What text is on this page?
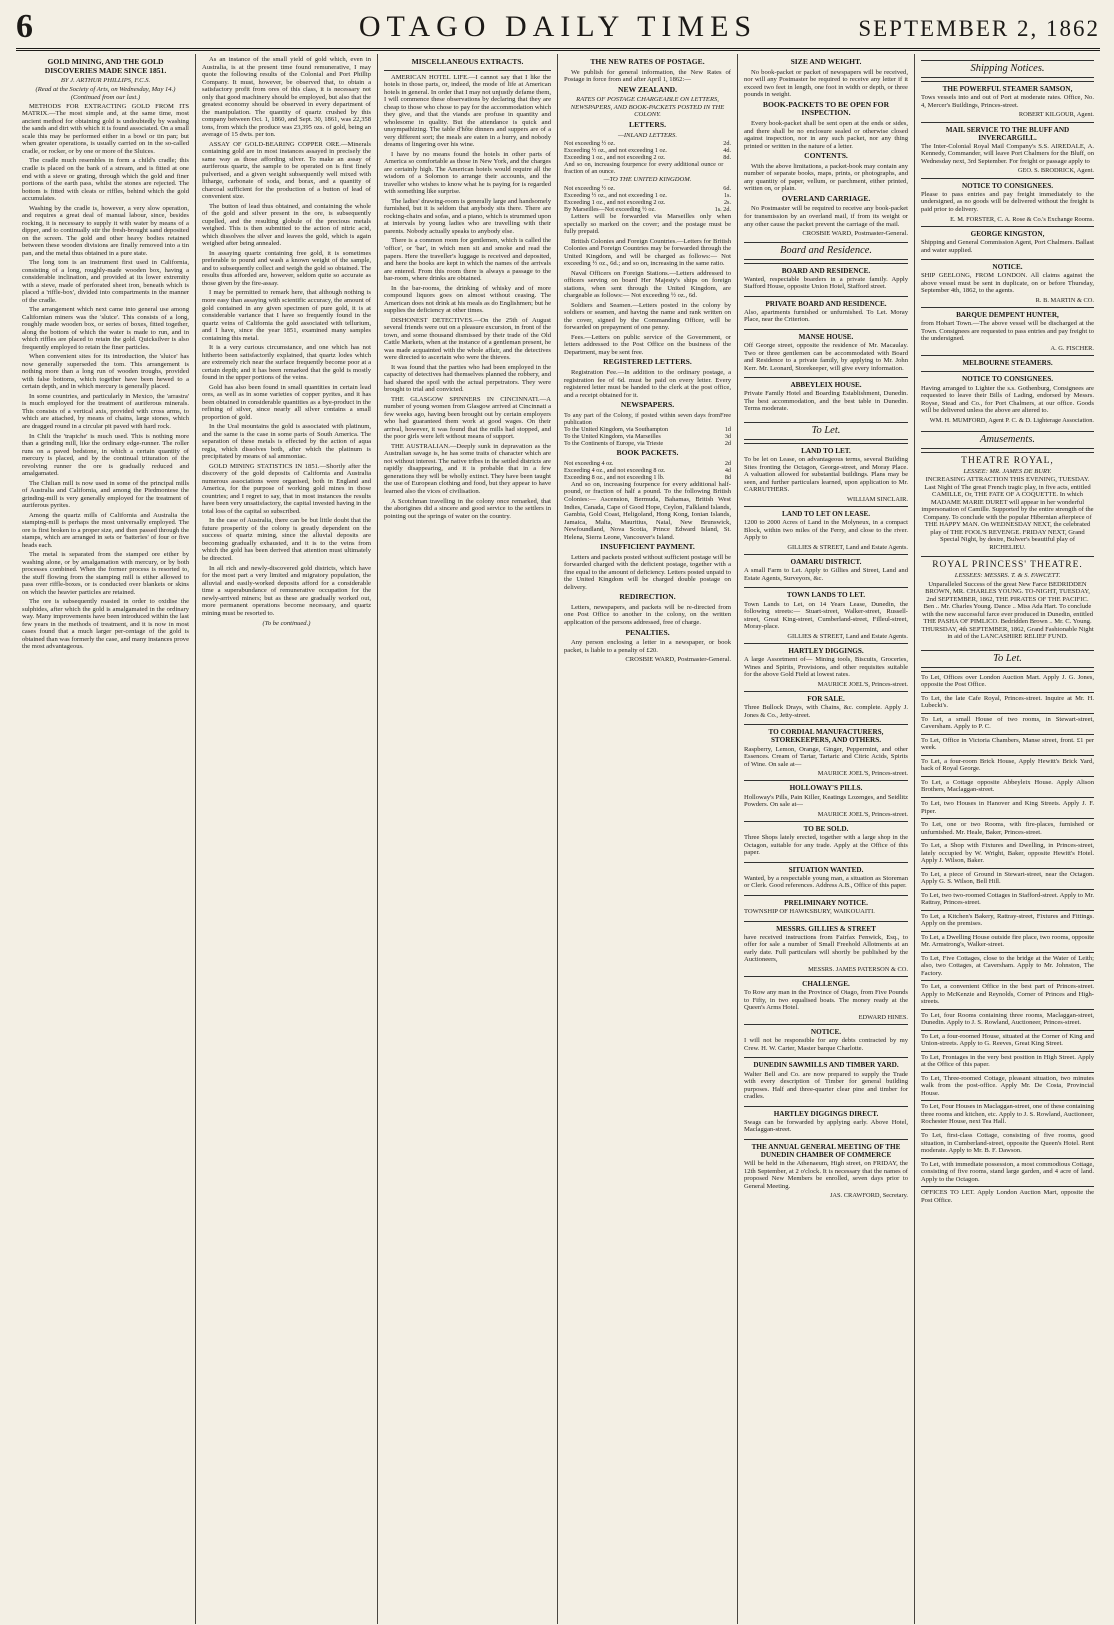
6	OTAGO DAILY TIMES	SEPTEMBER 2, 1862
GOLD MINING, AND THE GOLD DISCOVERIES MADE SINCE 1851.
BY J. ARTHUR PHILLIPS, F.C.S.
(Read at the Society of Arts, on Wednesday, May 14.)
(Continued from our last.)

METHODS FOR EXTRACTING GOLD FROM ITS MATRIX.—The most simple and, at the same time, most ancient method for obtaining gold is undoubtedly by washing the sands and dirt with which it is found associated. On a small scale this may be performed either in a bowl or tin pan; but when greater operations, is usually carried on in the so-called cradle, or rocker, or by one or more of the Sluices.

The cradle much resembles in form a child's cradle; this cradle is placed on the bank of a stream, and is fitted at one end with a sieve or grating, through which the gold and finer portions of the earth pass, whilst the stones are rejected. The bottom is fitted with cleats or riffles, behind which the gold accumulates.

Washing by the cradle is, however, a very slow operation, and requires a great deal of manual labour, since, besides rocking, it is necessary to supply it with water by means of a dipper, and to continually stir the fresh-brought sand deposited on the screen. The gold and other heavy bodies retained between these wooden divisions are finally removed into a tin pan, and the metal thus obtained in a pure state.

The long tom is an instrument first used in California, consisting of a long, roughly-made wooden box, having a considerable inclination, and provided at its lower extremity with a sieve, made of perforated sheet iron, beneath which is placed a 'riffle-box', divided into compartments in the manner of the cradle.

The arrangement which next came into general use among Californian miners was the 'sluice'. This consists of a long, roughly made wooden box, or series of boxes, fitted together, along the bottom of which the water is made to run, and in which riffles are placed to retain the gold. Quicksilver is also frequently employed to retain the finer particles.

When convenient sites for its introduction, the 'sluice' has now generally superseded the tom. This arrangement is nothing more than a long run of wooden troughs, provided with false bottoms, which together have been hewed to a certain depth, and in which mercury is generally placed.

In some countries, and particularly in Mexico, the 'arrastra' is much employed for the treatment of auriferous minerals. This consists of a vertical axis, provided with cross arms, to which are attached, by means of chains, large stones, which are dragged round in a circular pit paved with hard rock.

In Chili the 'trapiche' is much used. This is nothing more than a grinding mill, like the ordinary edge-runner. The roller runs on a paved bedstone, in which a certain quantity of mercury is placed, and by the continual trituration of the revolving runner the ore is gradually reduced and amalgamated.

The Chilian mill is now used in some of the principal mills of Australia and California, and among the Piedmontese the grinding-mill is very generally employed for the treatment of auriferous pyrites.

Among the quartz mills of California and Australia the stamping-mill is perhaps the most universally employed. The ore is first broken to a proper size, and then passed through the stamps, which are arranged in sets or 'batteries' of four or five heads each.

The metal is separated from the stamped ore either by washing alone, or by amalgamation with mercury, or by both processes combined. When the former process is resorted to, the stuff flowing from the stamping mill is either allowed to pass over riffle-boxes, or is conducted over blankets or skins on which the heavier particles are retained.

The ore is subsequently roasted in order to oxidise the sulphides, after which the gold is amalgamated in the ordinary way. Many improvements have been introduced within the last few years in the methods of treatment, and it is now in most cases found that a much larger per-centage of the gold is obtained than was formerly the case, and many instances prove the most advantageous.

As an instance of the small yield of gold which, even in Australia, is at the present time found remunerative, I may quote the following results of the Colonial and Port Phillip Company. It must, however, be observed that, to obtain a satisfactory profit from ores of this class, it is necessary not only that good machinery should be employed, but also that the greatest economy should be observed in every department of the manipulation. The quantity of quartz crushed by this company between Oct. 1, 1860, and Sept. 30, 1861, was 22,358 tons, from which the produce was 23,395 ozs. of gold, being an average of 15 dwts. per ton.

ASSAY OF GOLD-BEARING COPPER ORE.—Minerals containing gold are in most instances assayed in precisely the same way as those affording silver. To make an assay of auriferous quartz, the sample to be operated on is first finely pulverised, and a given weight subsequently well mixed with litharge, carbonate of soda, and borax, and a quantity of charcoal sufficient for the production of a button of lead of convenient size.

The button of lead thus obtained, and containing the whole of the gold and silver present in the ore, is subsequently cupelled, and the resulting globule of the precious metals weighed. This is then submitted to the action of nitric acid, which dissolves the silver and leaves the gold, which is again weighed after being annealed.

In assaying quartz containing free gold, it is sometimes preferable to pound and wash a known weight of the sample, and to subsequently collect and weigh the gold so obtained. The results thus afforded are, however, seldom quite so accurate as those given by the fire-assay.

I may be permitted to remark here, that although nothing is more easy than assaying with scientific accuracy, the amount of gold contained in any given specimen of pure gold, it is at considerable variance that I have so frequently found in the quartz veins of California the gold associated with tellurium, and I have, since the year 1851, examined many samples containing this metal.

It is a very curious circumstance, and one which has not hitherto been satisfactorily explained, that quartz lodes which are extremely rich near the surface frequently become poor at a certain depth; and it has been remarked that the gold is mostly found in the upper portions of the veins.

Gold has also been found in small quantities in certain lead ores, as well as in some varieties of copper pyrites, and it has been obtained in considerable quantities as a bye-product in the refining of silver, since nearly all silver contains a small proportion of gold.

In the Ural mountains the gold is associated with platinum, and the same is the case in some parts of South America. The separation of these metals is effected by the action of aqua regia, which dissolves both, after which the platinum is precipitated by means of sal ammoniac.

GOLD MINING STATISTICS IN 1851.—Shortly after the discovery of the gold deposits of California and Australia numerous associations were organised, both in England and America, for the purpose of working gold mines in those countries; and I regret to say, that in most instances the results have been very unsatisfactory, the capital invested having in the total loss of the capital so subscribed.

In the case of Australia, there can be but little doubt that the future prosperity of the colony is greatly dependent on the success of quartz mining, since the alluvial deposits are becoming gradually exhausted, and it is to the veins from which the gold has been derived that attention must ultimately be directed.

In all rich and newly-discovered gold districts, which have for the most part a very limited and migratory population, the alluvial and easily-worked deposits afford for a considerable time a superabundance of remunerative occupation for the newly-arrived miners; but as these are gradually worked out, more permanent operations become necessary, and quartz mining must be resorted to.

(To be continued.)
MISCELLANEOUS EXTRACTS.

AMERICAN HOTEL LIFE.—I cannot say that I like the hotels in those parts, or, indeed, the mode of life at American hotels in general. In order that I may not unjustly defame them, I will commence these observations by declaring that they are cheap to those who chose to pay for the accommodation which they give, and that the viands are profuse in quantity and wholesome in quality. But the attendance is quick and unsympathizing. The table d'hôte dinners and suppers are of a very different sort; the meals are eaten in a hurry, and nobody dreams of lingering over his wine.

I have by no means found the hotels in other parts of America so comfortable as those in New York, and the charges are certainly high. The American hotels would require all the wisdom of a Solomon to arrange their accounts, and the traveller who wishes to know what he is paying for is regarded with something like surprise.

The ladies' drawing-room is generally large and handsomely furnished, but it is seldom that anybody sits there. There are rocking-chairs and sofas, and a piano, which is strummed upon at intervals by young ladies who are travelling with their parents. Nobody actually speaks to anybody else.

There is a common room for gentlemen, which is called the 'office', or 'bar', in which men sit and smoke and read the papers. Here the traveller's luggage is received and deposited, and here the books are kept in which the names of the arrivals are entered. From this room there is always a passage to the bar-room, where drinks are obtained.

In the bar-rooms, the drinking of whisky and of more compound liquors goes on almost without ceasing. The American does not drink at his meals as do Englishmen; but he supplies the deficiency at other times.

DISHONEST DETECTIVES.—On the 25th of August several friends were out on a pleasure excursion, in front of the town, and some thousand dismissed by their trade of the Old Cattle Markets, when at the instance of a gentleman present, he was made acquainted with the whole affair, and the detectives were directed to ascertain who were the thieves.

It was found that the parties who had been employed in the capacity of detectives had themselves planned the robbery, and had shared the spoil with the actual perpetrators. They were brought to trial and convicted.

THE GLASGOW SPINNERS IN CINCINNATI.—A number of young women from Glasgow arrived at Cincinnati a few weeks ago, having been brought out by certain employers who had guaranteed them work at good wages. On their arrival, however, it was found that the mills had stopped, and the poor girls were left without means of support.

THE AUSTRALIAN.—Deeply sunk in depravation as the Australian savage is, he has some traits of character which are not without interest. The native tribes in the settled districts are rapidly disappearing, and it is probable that in a few generations they will be wholly extinct. They have been taught the use of European clothing and food, but they appear to have learned also the vices of civilisation.

A Scotchman travelling in the colony once remarked, that the aborigines did a sincere and good service to the settlers in pointing out the springs of water on the country.

THE NEW RATES OF POSTAGE.

We publish for general information, the New Rates of Postage in force from and after April 1, 1862:—

NEW ZEALAND.
RATES OF POSTAGE CHARGEABLE ON LETTERS, NEWSPAPERS, AND BOOK-PACKETS POSTED IN THE COLONY.
LETTERS.
—INLAND LETTERS.
Not exceeding ½ oz.	2d.
Exceeding ½ oz., and not exceeding 1 oz.	4d.
Exceeding 1 oz., and not exceeding 2 oz.	8d.
And so on, increasing fourpence for every additional ounce or fraction of an ounce.	
—TO THE UNITED KINGDOM.
Not exceeding ½ oz.	6d.
Exceeding ½ oz., and not exceeding 1 oz.	1s.
Exceeding 1 oz., and not exceeding 2 oz.	2s.
By Marseilles—Not exceeding ½ oz.	1s. 2d.

Letters will be forwarded via Marseilles only when specially so marked on the cover; and the postage must be fully prepaid.

British Colonies and Foreign Countries.—Letters for British Colonies and Foreign Countries may be forwarded through the United Kingdom, and will be charged as follows:— Not exceeding ½ oz., 6d.; and so on, increasing in the same ratio.

Naval Officers on Foreign Stations.—Letters addressed to officers serving on board Her Majesty's ships on foreign stations, when sent through the United Kingdom, are chargeable as follows:— Not exceeding ½ oz., 6d.

Soldiers and Seamen.—Letters posted in the colony by soldiers or seamen, and having the name and rank written on the cover, signed by the Commanding Officer, will be forwarded on prepayment of one penny.

Fees.—Letters on public service of the Government, or letters addressed to the Post Office on the business of the Department, may be sent free.

REGISTERED LETTERS.

Registration Fee.—In addition to the ordinary postage, a registration fee of 6d. must be paid on every letter. Every registered letter must be handed to the clerk at the post office, and a receipt obtained for it.

NEWSPAPERS.
To any part of the Colony, if posted within seven days from publication	Free
To the United Kingdom, via Southampton	1d
To the United Kingdom, via Marseilles	3d
To the Continents of Europe, via Trieste	2d
BOOK PACKETS.
Not exceeding 4 oz.	2d
Exceeding 4 oz., and not exceeding 8 oz.	4d
Exceeding 8 oz., and not exceeding 1 lb.	8d

And so on, increasing fourpence for every additional half-pound, or fraction of half a pound. To the following British Colonies:— Ascension, Bermuda, Bahamas, British West Indies, Canada, Cape of Good Hope, Ceylon, Falkland Islands, Gambia, Gold Coast, Heligoland, Hong Kong, Ionian Islands, Jamaica, Malta, Mauritius, Natal, New Brunswick, Newfoundland, Nova Scotia, Prince Edward Island, St. Helena, Sierra Leone, Vancouver's Island.

INSUFFICIENT PAYMENT.

Letters and packets posted without sufficient postage will be forwarded charged with the deficient postage, together with a fine equal to the amount of deficiency. Letters posted unpaid to the United Kingdom will be charged double postage on delivery.

REDIRECTION.

Letters, newspapers, and packets will be re-directed from one Post Office to another in the colony, on the written application of the persons addressed, free of charge.

PENALTIES.

Any person enclosing a letter in a newspaper, or book packet, is liable to a penalty of £20.

CROSBIE WARD, Postmaster-General.
SIZE AND WEIGHT.

No book-packet or packet of newspapers will be received, nor will any Postmaster be required to receive any letter if it exceed two feet in length, one foot in width or depth, or three pounds in weight.

BOOK-PACKETS TO BE OPEN FOR INSPECTION.

Every book-packet shall be sent open at the ends or sides, and there shall be no enclosure sealed or otherwise closed against inspection, nor in any such packet, nor any thing printed or written in the nature of a letter.

CONTENTS.

With the above limitations, a packet-book may contain any number of separate books, maps, prints, or photographs, and any quantity of paper, vellum, or parchment, either printed, written on, or plain.

OVERLAND CARRIAGE.

No Postmaster will be required to receive any book-packet for transmission by an overland mail, if from its weight or any other cause the packet prevent the carriage of the mail.

CROSBIE WARD, Postmaster-General.
Board and Residence.
BOARD AND RESIDENCE.

Wanted, respectable boarders in a private family. Apply Stafford House, opposite Union Hotel, Stafford street.

PRIVATE BOARD AND RESIDENCE.

Also, apartments furnished or unfurnished. To Let. Moray Place, near the Criterion.

MANSE HOUSE.

Off George street, opposite the residence of Mr. Macaulay. Two or three gentlemen can be accommodated with Board and Residence to a private family, by applying to Mr. John Kerr. Mr. Leonard, Storekeeper, will give every information.

ABBEYLEIX HOUSE.

Private Family Hotel and Boarding Establishment, Dunedin. The best accommodation, and the best table in Dunedin. Terms moderate.

To Let.
LAND TO LET.

To be let on Lease, on advantageous terms, several Building Sites fronting the Octagon, George-street, and Moray Place. A valuation allowed for substantial buildings. Plans may be seen, and further particulars learned, upon application to Mr. CARRUTHERS.

WILLIAM SINCLAIR.
LAND TO LET ON LEASE.

1200 to 2000 Acres of Land in the Molyneux, in a compact Block, within two miles of the Ferry, and close to the river. Apply to

GILLIES & STREET, Land and Estate Agents.
OAMARU DISTRICT.

A small Farm to Let. Apply to Gillies and Street, Land and Estate Agents, Surveyors, &c.

TOWN LANDS TO LET.

Town Lands to Let, on 14 Years Lease, Dunedin, the following streets:— Stuart-street, Walker-street, Russell-street, Great King-street, Cumberland-street, Filleul-street, Moray-place.

GILLIES & STREET, Land and Estate Agents.
HARTLEY DIGGINGS.

A large Assortment of— Mining tools, Biscuits, Groceries, Wines and Spirits, Provisions, and other requisites suitable for the above Gold Field at lowest rates.

MAURICE JOEL'S, Princes-street.
FOR SALE.

Three Bullock Drays, with Chains, &c. complete. Apply J. Jones & Co., Jetty-street.

TO CORDIAL MANUFACTURERS, STOREKEEPERS, AND OTHERS.

Raspberry, Lemon, Orange, Ginger, Peppermint, and other Essences. Cream of Tartar, Tartaric and Citric Acids, Spirits of Wine. On sale at—

MAURICE JOEL'S, Princes-street.
HOLLOWAY'S PILLS.

Holloway's Pills, Pain Killer, Keatings Lozenges, and Seidlitz Powders. On sale at—

MAURICE JOEL'S, Princes-street.
TO BE SOLD.

Three Shops lately erected, together with a large shop in the Octagon, suitable for any trade. Apply at the Office of this paper.

SITUATION WANTED.

Wanted, by a respectable young man, a situation as Storeman or Clerk. Good references. Address A.B., Office of this paper.

PRELIMINARY NOTICE.

TOWNSHIP OF HAWKSBURY, WAIKOUAITI.

MESSRS. GILLIES & STREET

have received instructions from Fairfax Fenwick, Esq., to offer for sale a number of Small Freehold Allotments at an early date. Full particulars will shortly be published by the Auctioneers,

MESSRS. JAMES PATERSON & CO.
CHALLENGE.

To Row any man in the Province of Otago, from Five Pounds to Fifty, in two equalised boats. The money ready at the Queen's Arms Hotel.

EDWARD HINES.
NOTICE.

I will not be responsible for any debts contracted by my Crew. H. W. Carter, Master barque Charlotte.

DUNEDIN SAWMILLS AND TIMBER YARD.

Walter Bell and Co. are now prepared to supply the Trade with every description of Timber for general building purposes. Half and three-quarter clear pine and timber for cradles.

HARTLEY DIGGINGS DIRECT.

Swags can be forwarded by applying early. Above Hotel, Maclaggan-street.

THE ANNUAL GENERAL MEETING OF THE DUNEDIN CHAMBER OF COMMERCE

Will be held in the Athenaeum, High street, on FRIDAY, the 12th September, at 2 o'clock. It is necessary that the names of proposed New Members be enrolled, seven days prior to General Meeting.

JAS. CRAWFORD, Secretary.
Shipping Notices.
THE POWERFUL STEAMER SAMSON,

Tows vessels into and out of Port at moderate rates. Office, No. 4, Mercer's Buildings, Princes-street.

ROBERT KILGOUR, Agent.
MAIL SERVICE TO THE BLUFF AND INVERCARGILL.

The Inter-Colonial Royal Mail Company's S.S. AIREDALE, A. Kennedy, Commander, will leave Port Chalmers for the Bluff, on Wednesday next, 3rd September. For freight or passage apply to

GEO. S. BRODRICK, Agent.
NOTICE TO CONSIGNEES.

Please to pass entries and pay freight immediately to the undersigned, as no goods will be delivered without the freight is paid prior to delivery.

E. M. FORSTER, C. A. Rose & Co.'s Exchange Rooms.
GEORGE KINGSTON,

Shipping and General Commission Agent, Port Chalmers. Ballast and water supplied.

NOTICE.

SHIP GEELONG, FROM LONDON. All claims against the above vessel must be sent in duplicate, on or before Thursday, September 4th, 1862, to the agents.

R. B. MARTIN & CO.
BARQUE DEMPENT HUNTER,

from Hobart Town.—The above vessel will be discharged at the Town. Consignees are requested to pass entries and pay freight to the undersigned.

A. G. FISCHER.
MELBOURNE STEAMERS.
NOTICE TO CONSIGNEES.

Having arranged to Lighter the s.s. Gothenburg, Consignees are requested to leave their Bills of Lading, endorsed by Messrs. Royse, Stead and Co., for Port Chalmers, at our office. Goods will be delivered unless the above are altered to.

WM. H. MUMFORD, Agent P. C. & D. Lighterage Association.
Amusements.
THEATRE ROYAL,
LESSEE: MR. JAMES DE BURY.

INCREASING ATTRACTION THIS EVENING, TUESDAY. Last Night of The great French tragic play, in five acts, entitled CAMILLE, Or, THE FATE OF A COQUETTE. In which MADAME MARIE DURET will appear in her wonderful impersonation of Camille. Supported by the entire strength of the Company. To conclude with the popular Hibernian afterpiece of THE HAPPY MAN. On WEDNESDAY NEXT, the celebrated play of THE FOOL'S REVENGE. FRIDAY NEXT, Grand Special Night, by desire, Bulwer's beautiful play of RICHELIEU.

ROYAL PRINCESS' THEATRE.
LESSEES: MESSRS. T. & S. FAWCETT.

Unparalleled Success of the great New Farce BEDRIDDEN BROWN, MR. CHARLES YOUNG. TO-NIGHT, TUESDAY, 2nd SEPTEMBER, 1862, THE PIRATES OF THE PACIFIC. Ben .. Mr. Charles Young. Dance .. Miss Ada Hart. To conclude with the new successful farce ever produced in Dunedin, entitled THE PASHA OF PIMLICO. Bedridden Brown .. Mr. C. Young. THURSDAY, 4th SEPTEMBER, 1862, Grand Fashionable Night in aid of the LANCASHIRE RELIEF FUND.

To Let.
To Let, Offices over London Auction Mart. Apply J. G. Jones, opposite the Post Office.
To Let, the late Cafe Royal, Princes-street. Inquire at Mr. H. Lubecki's.
To Let, a small House of two rooms, in Stewart-street, Caversham. Apply to P. C.
To Let, Office in Victoria Chambers, Manse street, front. £1 per week.
To Let, a four-room Brick House, Apply Hewitt's Brick Yard, back of Royal George.
To Let, a Cottage opposite Abbeyleix House. Apply Alison Brothers, Maclaggan-street.
To Let, two Houses in Hanover and King Streets. Apply J. F. Piper.
To Let, one or two Rooms, with fire-places, furnished or unfurnished. Mr. Heale, Baker, Princes-street.
To Let, a Shop with Fixtures and Dwelling, in Princes-street, lately occupied by W. Wright, Baker, opposite Hewitt's Hotel. Apply J. Wilson, Baker.
To Let, a piece of Ground in Stewart-street, near the Octagon. Apply G. S. Wilson, Bell Hill.
To Let, two two-roomed Cottages in Stafford-street. Apply to Mr. Rattray, Princes-street.
To Let, a Kitchen's Bakery, Rattray-street, Fixtures and Fittings. Apply on the premises.
To Let, a Dwelling House outside fire place, two rooms, opposite Mr. Armstrong's, Walker-street.
To Let, Five Cottages, close to the bridge at the Water of Leith; also, two Cottages, at Caversham. Apply to Mr. Johnston, The Factory.
To Let, a convenient Office in the best part of Princes-street. Apply to McKenzie and Reynolds, Corner of Princes and High-streets.
To Let, four Rooms containing three rooms, Maclaggan-street, Dunedin. Apply to J. S. Rowland, Auctioneer, Princes-street.
To Let, a four-roomed House, situated at the Corner of King and Union-streets. Apply to G. Reeves, Great King Street.
To Let, Frontages in the very best position in High Street. Apply at the Office of this paper.
To Let, Three-roomed Cottage, pleasant situation, two minutes walk from the post-office. Apply Mr. De Costa, Provincial House.
To Let, Four Houses in Maclaggan-street, one of these containing three rooms and kitchen, etc. Apply to J. S. Rowland, Auctioneer, Rochester House, next Tea Hall.
To Let, first-class Cottage, consisting of five rooms, good situation, in Cumberland-street, opposite the Queen's Hotel. Rent moderate. Apply to Mr. B. F. Dawson.
To Let, with immediate possession, a most commodious Cottage, consisting of five rooms, stand large garden, and 4 acre of land. Apply to the Octagon.

OFFICES TO LET. Apply London Auction Mart, opposite the Post Office.
